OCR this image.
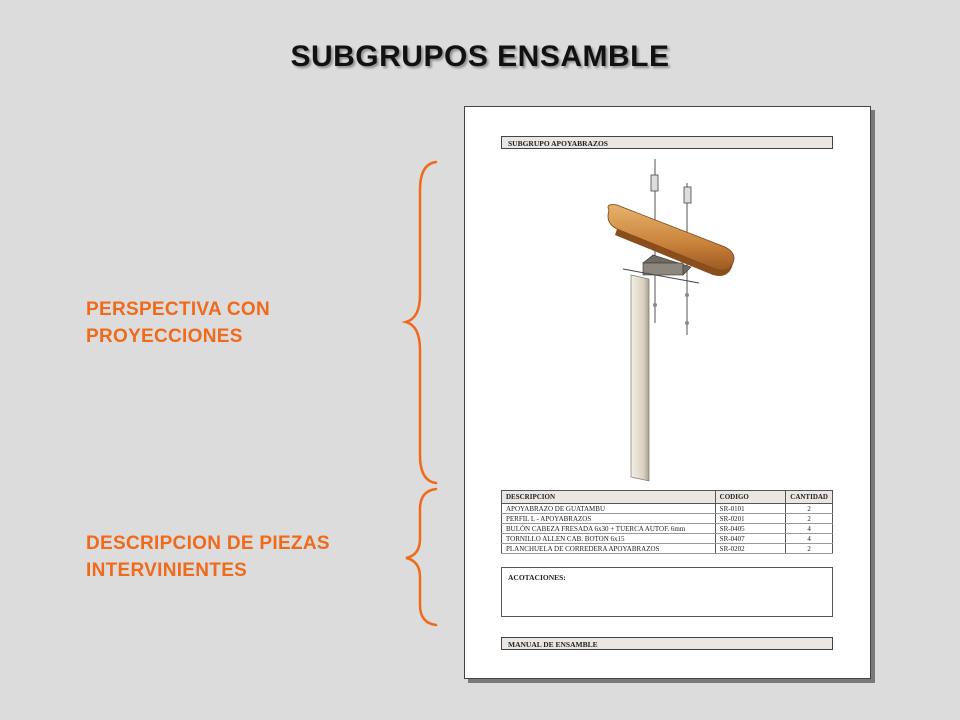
SUBGRUPOS ENSAMBLE
PERSPECTIVA CON
PROYECCIONES
DESCRIPCION DE PIEZAS
INTERVINIENTES
SUBGRUPO APOYABRAZOS
DESCRIPCION	CODIGO	CANTIDAD
APOYABRAZO DE GUATAMBU	SR-0101	2
PERFIL L - APOYABRAZOS	SR-0201	2
BULÓN CABEZA FRESADA 6x30 + TUERCA AUTOF. 6mm	SR-0405	4
TORNILLO ALLEN CAB. BOTON 6x15	SR-0407	4
PLANCHUELA DE CORREDERA APOYABRAZOS	SR-0202	2
ACOTACIONES:
MANUAL DE ENSAMBLE
